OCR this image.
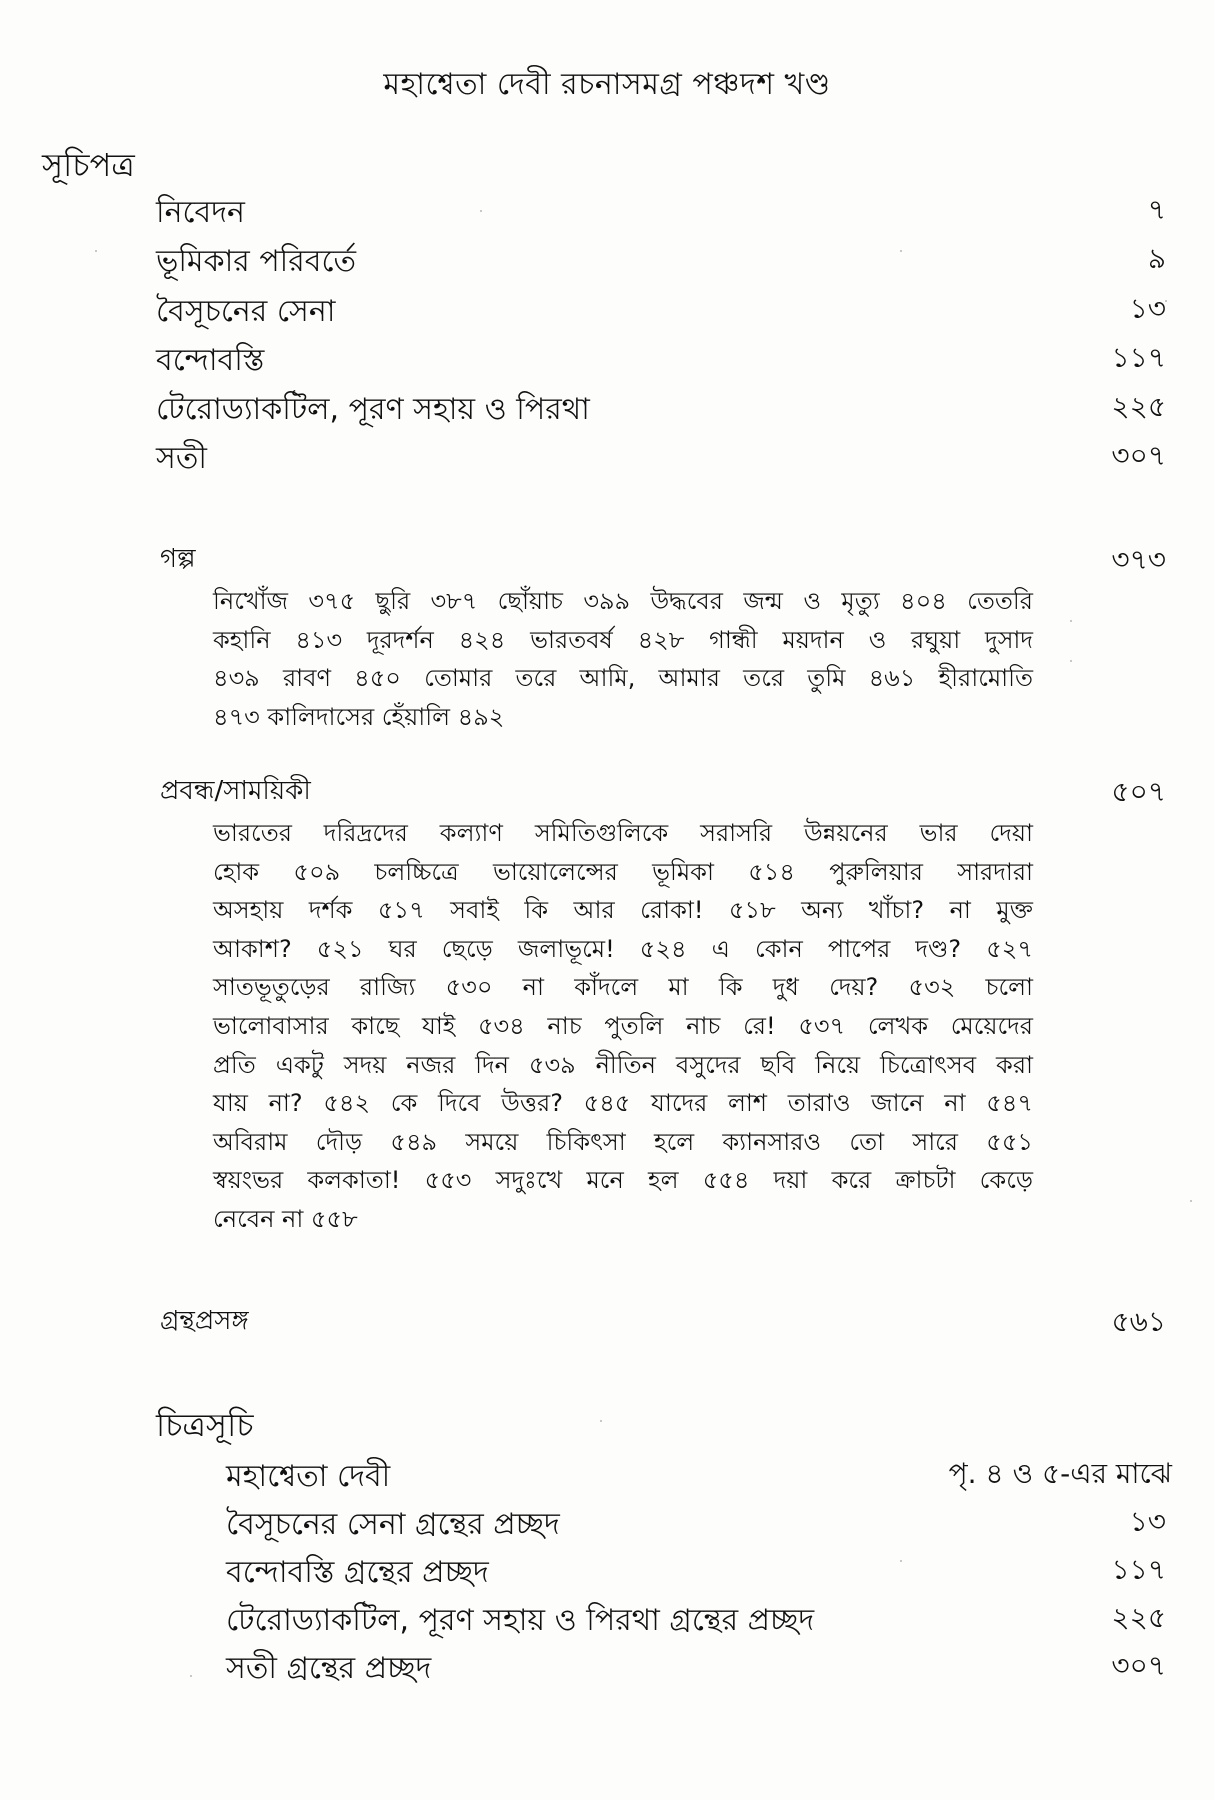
মহাশ্বেতা দেবী রচনাসমগ্র পঞ্চদশ খণ্ড
সূচিপত্র
নিবেদন	৭
ভূমিকার পরিবর্তে	৯
বৈসূচনের সেনা	১৩
বন্দোবস্তি	১১৭
টেরোড্যাকটিল, পূরণ সহায় ও পিরথা	২২৫
সতী	৩০৭
গল্প	৩৭৩
নিখোঁজ ৩৭৫ ছুরি ৩৮৭ ছোঁয়াচ ৩৯৯ উদ্ধবের জন্ম ও মৃত্যু ৪০৪ তেতরি
কহানি ৪১৩ দূরদর্শন ৪২৪ ভারতবর্ষ ৪২৮ গান্ধী ময়দান ও রঘুয়া দুসাদ
৪৩৯ রাবণ ৪৫০ তোমার তরে আমি, আমার তরে তুমি ৪৬১ হীরামোতি
৪৭৩ কালিদাসের হেঁয়ালি ৪৯২
প্রবন্ধ/সাময়িকী	৫০৭
ভারতের দরিদ্রদের কল্যাণ সমিতিগুলিকে সরাসরি উন্নয়নের ভার দেয়া
হোক ৫০৯ চলচ্চিত্রে ভায়োলেন্সের ভূমিকা ৫১৪ পুরুলিয়ার সারদারা
অসহায় দর্শক ৫১৭ সবাই কি আর রোকা! ৫১৮ অন্য খাঁচা? না মুক্ত
আকাশ? ৫২১ ঘর ছেড়ে জলাভূমে! ৫২৪ এ কোন পাপের দণ্ড? ৫২৭
সাতভূতুড়ের রাজ্যি ৫৩০ না কাঁদলে মা কি দুধ দেয়? ৫৩২ চলো
ভালোবাসার কাছে যাই ৫৩৪ নাচ পুতলি নাচ রে! ৫৩৭ লেখক মেয়েদের
প্রতি একটু সদয় নজর দিন ৫৩৯ নীতিন বসুদের ছবি নিয়ে চিত্রোৎসব করা
যায় না? ৫৪২ কে দিবে উত্তর? ৫৪৫ যাদের লাশ তারাও জানে না ৫৪৭
অবিরাম দৌড় ৫৪৯ সময়ে চিকিৎসা হলে ক্যানসারও তো সারে ৫৫১
স্বয়ংভর কলকাতা! ৫৫৩ সদুঃখে মনে হল ৫৫৪ দয়া করে ক্রাচটা কেড়ে
নেবেন না ৫৫৮
গ্রন্থপ্রসঙ্গ	৫৬১
চিত্রসূচি
মহাশ্বেতা দেবী	পৃ. ৪ ও ৫-এর মাঝে
বৈসূচনের সেনা গ্রন্থের প্রচ্ছদ	১৩
বন্দোবস্তি গ্রন্থের প্রচ্ছদ	১১৭
টেরোড্যাকটিল, পূরণ সহায় ও পিরথা গ্রন্থের প্রচ্ছদ	২২৫
সতী গ্রন্থের প্রচ্ছদ	৩০৭
